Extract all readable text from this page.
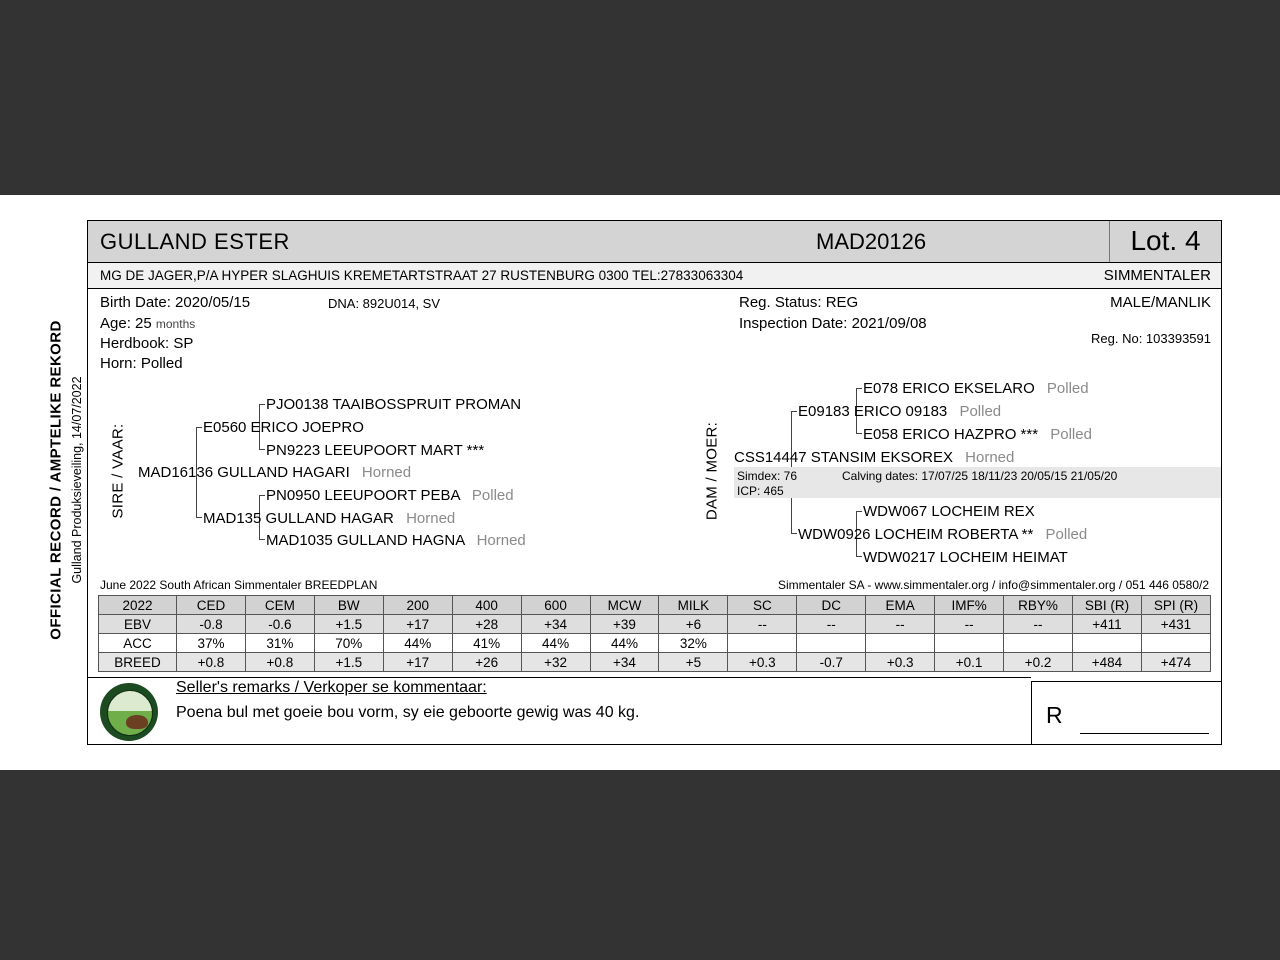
OFFICIAL RECORD / AMPTELIKE REKORD Gulland Produksieveiling, 14/07/2022
GULLAND ESTER	MAD20126	Lot. 4
MG DE JAGER,P/A HYPER SLAGHUIS KREMETARTSTRAAT 27 RUSTENBURG 0300 TEL:27833063304	SIMMENTALER
Birth Date: 2020/05/15	DNA: 892U014, SV
Age: 25 months
Herdbook: SP
Horn: Polled
Reg. Status: REG
Inspection Date: 2021/09/08
MALE/MANLIK
Reg. No: 103393591
SIRE / VAAR:
PJO0138 TAAIBOSSPRUIT PROMAN
E0560 ERICO JOEPRO
PN9223 LEEUPOORT MART ***
MAD16136 GULLAND HAGARI Horned
PN0950 LEEUPOORT PEBA Polled
MAD135 GULLAND HAGAR Horned
MAD1035 GULLAND HAGNA Horned
DAM / MOER:
E078 ERICO EKSELARO Polled
E09183 ERICO 09183 Polled
E058 ERICO HAZPRO *** Polled
CSS14447 STANSIM EKSOREX Horned
Simdex: 76	Calving dates: 17/07/25 18/11/23 20/05/15 21/05/20
ICP: 465
WDW067 LOCHEIM REX
WDW0926 LOCHEIM ROBERTA ** Polled
WDW0217 LOCHEIM HEIMAT
June 2022 South African Simmentaler BREEDPLAN	Simmentaler SA - www.simmentaler.org / info@simmentaler.org / 051 446 0580/2
2022	CED	CEM	BW	200	400	600	MCW	MILK	SC	DC	EMA	IMF%	RBY%	SBI (R)	SPI (R)
EBV	-0.8	-0.6	+1.5	+17	+28	+34	+39	+6	--	--	--	--	--	+411	+431
ACC	37%	31%	70%	44%	41%	44%	44%	32%							
BREED	+0.8	+0.8	+1.5	+17	+26	+32	+34	+5	+0.3	-0.7	+0.3	+0.1	+0.2	+484	+474
Seller's remarks / Verkoper se kommentaar:
Poena bul met goeie bou vorm, sy eie geboorte gewig was 40 kg.	R
